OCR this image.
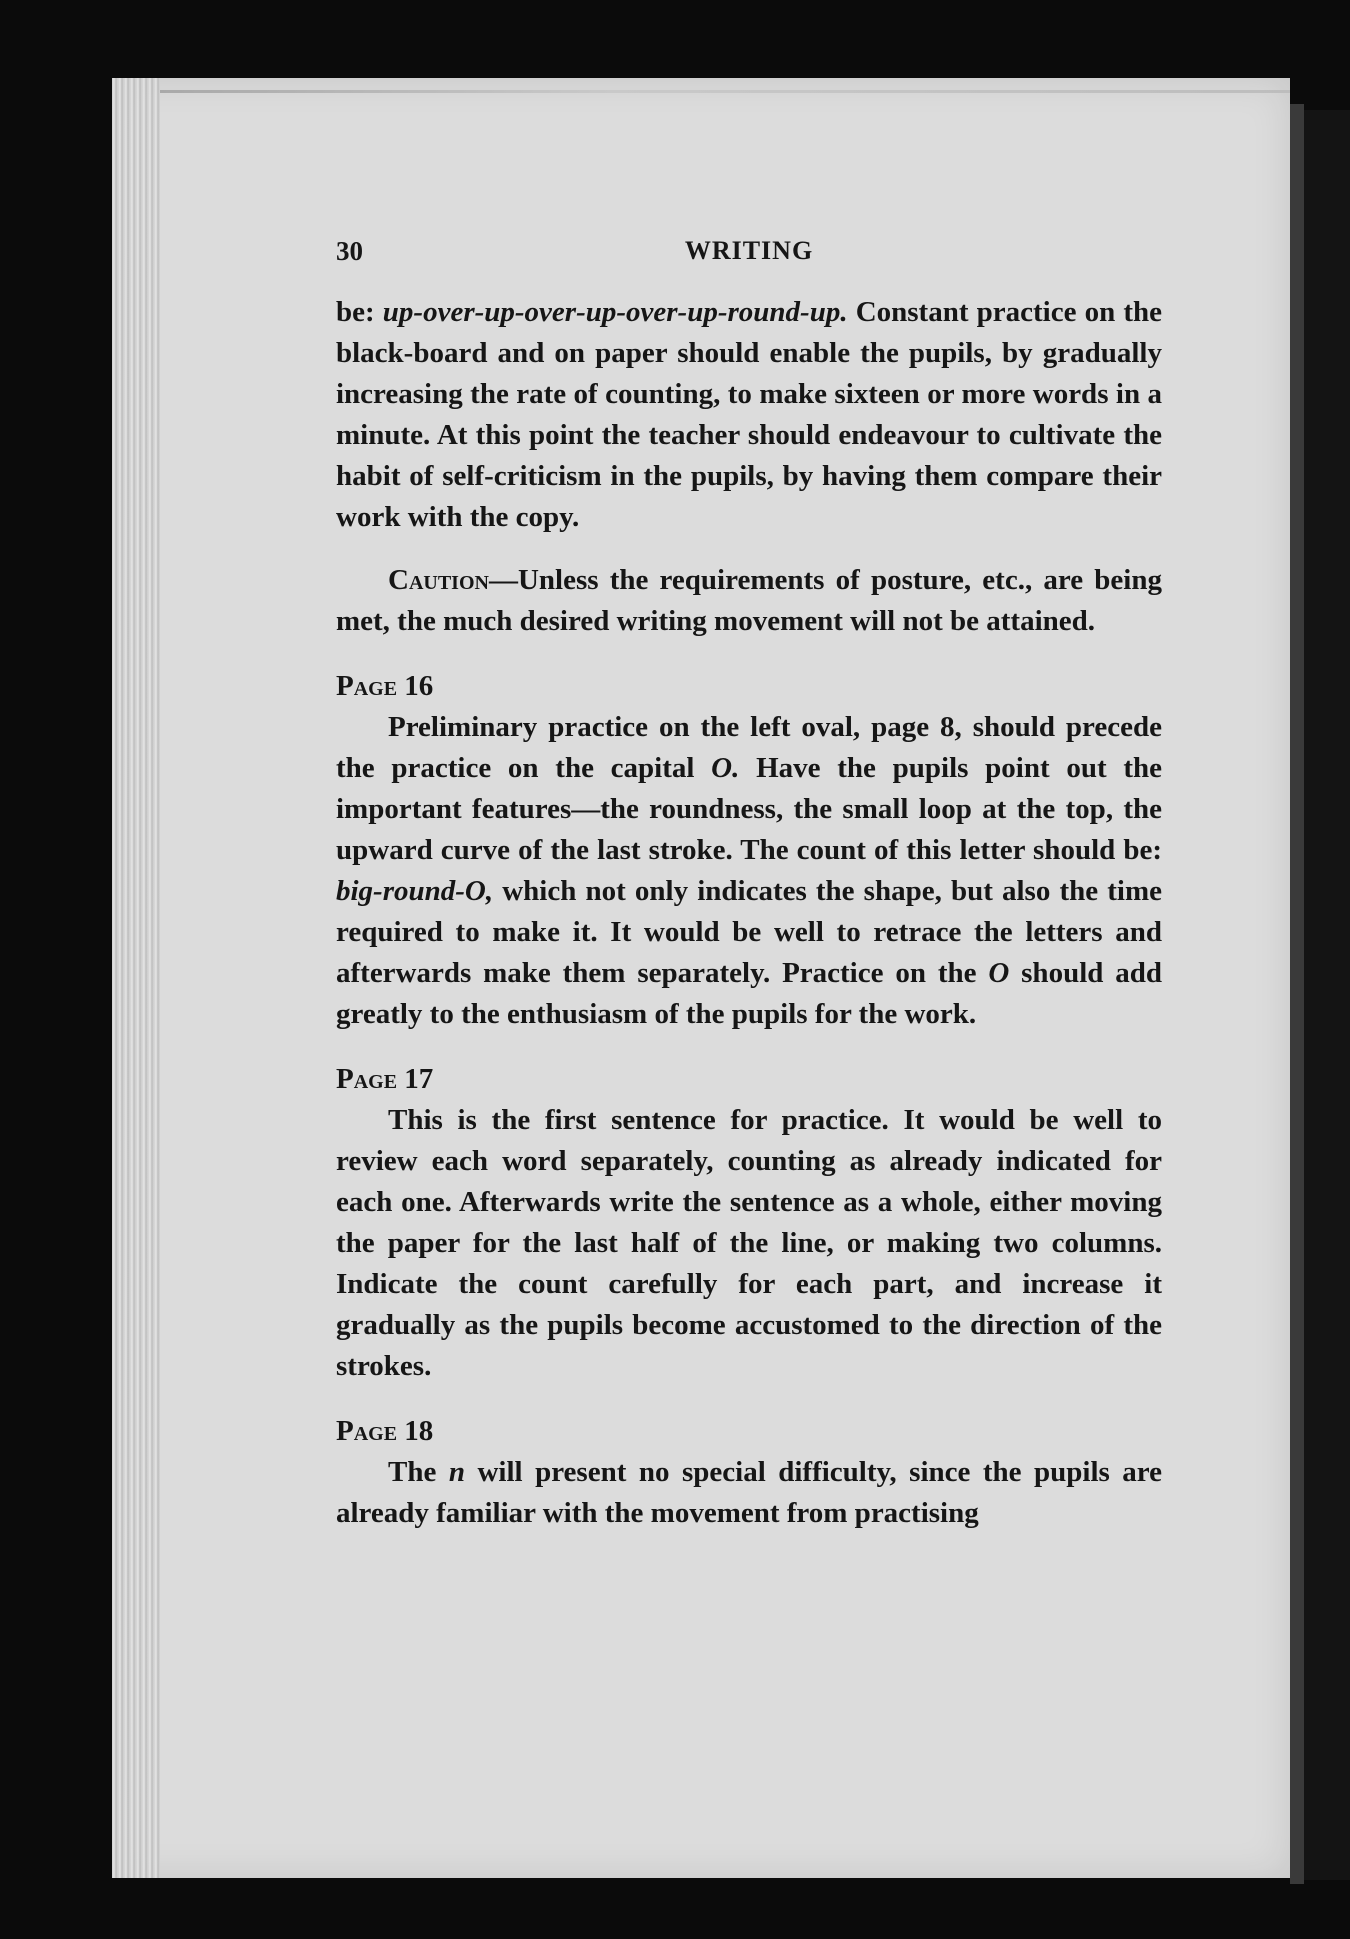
30	WRITING

be: up-over-up-over-up-over-up-round-up. Constant practice on the black-board and on paper should enable the pupils, by gradually increasing the rate of counting, to make sixteen or more words in a minute. At this point the teacher should endeavour to cultivate the habit of self-criticism in the pupils, by having them compare their work with the copy.

Caution—Unless the requirements of posture, etc., are being met, the much desired writing movement will not be attained.

Page 16

Preliminary practice on the left oval, page 8, should precede the practice on the capital O. Have the pupils point out the important features—the roundness, the small loop at the top, the upward curve of the last stroke. The count of this letter should be: big-round-O, which not only indicates the shape, but also the time required to make it. It would be well to retrace the letters and afterwards make them separately. Practice on the O should add greatly to the enthusiasm of the pupils for the work.

Page 17

This is the first sentence for practice. It would be well to review each word separately, counting as already indicated for each one. Afterwards write the sentence as a whole, either moving the paper for the last half of the line, or making two columns. Indicate the count carefully for each part, and increase it gradually as the pupils become accustomed to the direction of the strokes.

Page 18

The n will present no special difficulty, since the pupils are already familiar with the movement from practising
